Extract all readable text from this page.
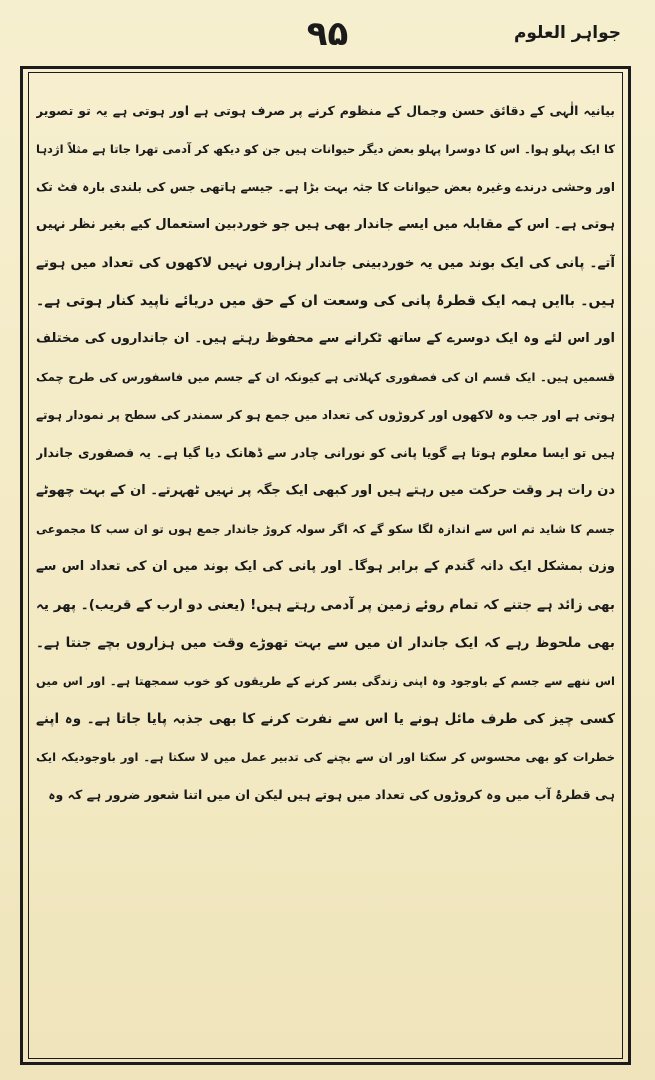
۹۵	جواہر العلوم
بیانیہ الٰہی کے دقائق حسن وجمال کے منظوم کرنے پر صرف ہوتی ہے اور ہوتی ہے یہ تو تصویر
کا ایک پہلو ہوا۔ اس کا دوسرا پہلو بعض دیگر حیوانات ہیں جن کو دیکھ کر آدمی تھرا جاتا ہے مثلاً اژدہا
اور وحشی درندے وغیرہ بعض حیوانات کا جثہ بہت بڑا ہے۔ جیسے ہاتھی جس کی بلندی بارہ فٹ تک
ہوتی ہے۔ اس کے مقابلہ میں ایسے جاندار بھی ہیں جو خوردبین استعمال کیے بغیر نظر نہیں
آتے۔ پانی کی ایک بوند میں یہ خوردبینی جاندار ہزاروں نہیں لاکھوں کی تعداد میں ہوتے
ہیں۔ باایں ہمہ ایک قطرۂ پانی کی وسعت ان کے حق میں دریائے ناپید کنار ہوتی ہے۔
اور اس لئے وہ ایک دوسرے کے ساتھ ٹکرانے سے محفوظ رہتے ہیں۔ ان جانداروں کی مختلف
قسمیں ہیں۔ ایک قسم ان کی فصفوری کہلاتی ہے کیونکہ ان کے جسم میں فاسفورس کی طرح چمک
ہوتی ہے اور جب وہ لاکھوں اور کروڑوں کی تعداد میں جمع ہو کر سمندر کی سطح پر نمودار ہوتے
ہیں تو ایسا معلوم ہوتا ہے گویا پانی کو نورانی چادر سے ڈھانک دیا گیا ہے۔ یہ فصفوری جاندار
دن رات ہر وقت حرکت میں رہتے ہیں اور کبھی ایک جگہ پر نہیں ٹھہرتے۔ ان کے بہت چھوٹے
جسم کا شاید تم اس سے اندازہ لگا سکو گے کہ اگر سولہ کروڑ جاندار جمع ہوں تو ان سب کا مجموعی
وزن بمشکل ایک دانہ گندم کے برابر ہوگا۔ اور پانی کی ایک بوند میں ان کی تعداد اس سے
بھی زائد ہے جتنے کہ تمام روئے زمین پر آدمی رہتے ہیں! (یعنی دو ارب کے قریب)۔ پھر یہ
بھی ملحوظ رہے کہ ایک جاندار ان میں سے بہت تھوڑے وقت میں ہزاروں بچے جنتا ہے۔
اس ننھے سے جسم کے باوجود وہ اپنی زندگی بسر کرنے کے طریقوں کو خوب سمجھتا ہے۔ اور اس میں
کسی چیز کی طرف مائل ہونے یا اس سے نفرت کرنے کا بھی جذبہ پایا جاتا ہے۔ وہ اپنے
خطرات کو بھی محسوس کر سکتا اور ان سے بچنے کی تدبیر عمل میں لا سکتا ہے۔ اور باوجودیکہ ایک
ہی قطرۂ آب میں وہ کروڑوں کی تعداد میں ہوتے ہیں لیکن ان میں اتنا شعور ضرور ہے کہ وہ
